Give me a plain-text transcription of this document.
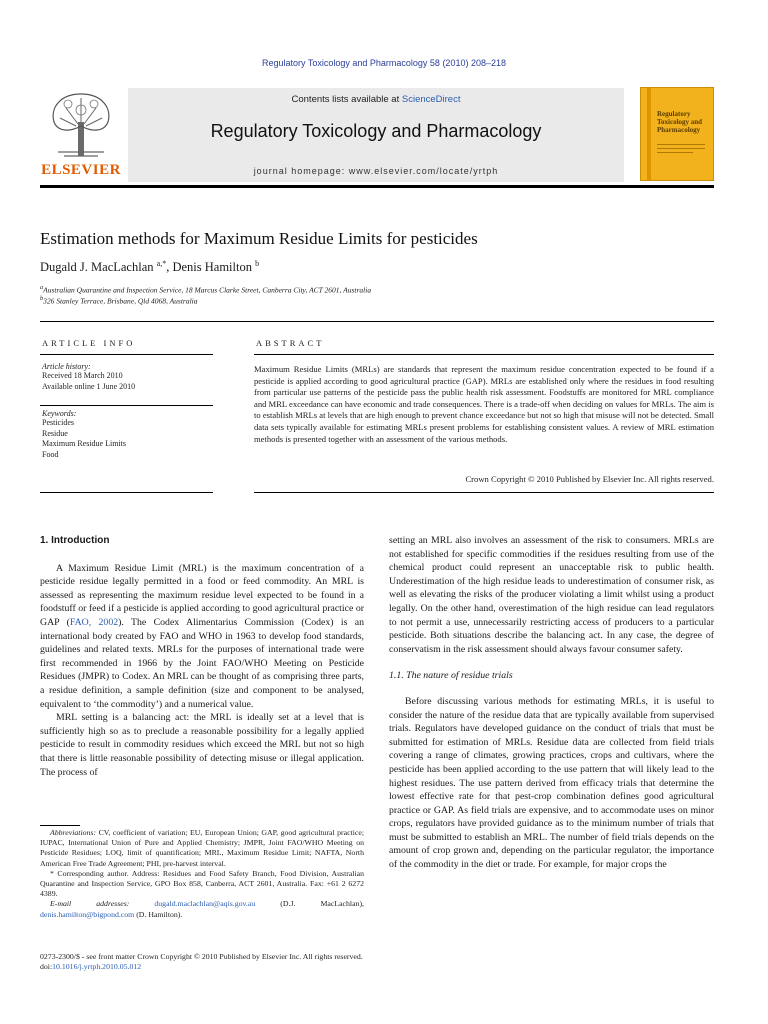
Regulatory Toxicology and Pharmacology 58 (2010) 208–218
ELSEVIER
Contents lists available at ScienceDirect
Regulatory Toxicology and Pharmacology
journal homepage: www.elsevier.com/locate/yrtph
Regulatory Toxicology and Pharmacology
Estimation methods for Maximum Residue Limits for pesticides
Dugald J. MacLachlan $^{a,*}$, Denis Hamilton $^b$
$^a$Australian Quarantine and Inspection Service, 18 Marcus Clarke Street, Canberra City, ACT 2601, Australia
$^b$326 Stanley Terrace, Brisbane, Qld 4068, Australia
ARTICLE INFO
Article history:
Received 18 March 2010
Available online 1 June 2010
Keywords:
Pesticides
Residue
Maximum Residue Limits
Food
ABSTRACT
Maximum Residue Limits (MRLs) are standards that represent the maximum residue concentration expected to be found if a pesticide is applied according to good agricultural practice (GAP). MRLs are established only where the residues in food resulting from particular use patterns of the pesticide pass the public health risk assessment. Foodstuffs are monitored for MRL compliance and MRL exceedance can have economic and trade consequences. There is a trade-off when deciding on values for MRLs. The aim is to establish MRLs at levels that are high enough to prevent chance exceedance but not so high that misuse will not be detected. Small data sets typically available for estimating MRLs present problems for establishing consistent values. A review of MRL estimation methods is presented together with an assessment of the various methods.
Crown Copyright © 2010 Published by Elsevier Inc. All rights reserved.
1. Introduction

A Maximum Residue Limit (MRL) is the maximum concentration of a pesticide residue legally permitted in a food or feed commodity. An MRL is assessed as representing the maximum residue level expected to be found in a foodstuff or feed if a pesticide is applied according to good agricultural practice or GAP (FAO, 2002). The Codex Alimentarius Commission (Codex) is an international body created by FAO and WHO in 1963 to develop food standards, guidelines and related texts. MRLs for the purposes of international trade were first recommended in 1966 by the Joint FAO/WHO Meeting on Pesticide Residues (JMPR) to Codex. An MRL can be thought of as comprising three parts, a residue definition, a sample definition (size and component to be analysed, equivalent to ‘the commodity’) and a numerical value.

MRL setting is a balancing act: the MRL is ideally set at a level that is sufficiently high so as to preclude a reasonable possibility for a legally applied pesticide to result in commodity residues which exceed the MRL but not so high that there is little reasonable possibility of detecting misuse or illegal application. The process of

Abbreviations: CV, coefficient of variation; EU, European Union; GAP, good agricultural practice; IUPAC, International Union of Pure and Applied Chemistry; JMPR, Joint FAO/WHO Meeting on Pesticide Residues; LOQ, limit of quantification; MRL, Maximum Residue Limit; NAFTA, North American Free Trade Agreement; PHI, pre-harvest interval.

* Corresponding author. Address: Residues and Food Safety Branch, Food Division, Australian Quarantine and Inspection Service, GPO Box 858, Canberra, ACT 2601, Australia. Fax: +61 2 6272 4389.

E-mail addresses:	dugald.maclachlan@aqis.gov.au (D.J. MacLachlan), denis.hamilton@bigpond.com (D. Hamilton).

setting an MRL also involves an assessment of the risk to consumers. MRLs are not established for specific commodities if the residues resulting from use of the chemical product could represent an unacceptable risk to public health. Underestimation of the high residue leads to underestimation of consumer risk, as well as elevating the risks of the producer violating a limit whilst using a product legally. On the other hand, overestimation of the high residue can lead regulators to not permit a use, unnecessarily restricting access of producers to a particular pesticide. Both situations describe the balancing act. In any case, the degree of conservatism in the risk assessment should always favour consumer safety.

1.1. The nature of residue trials

Before discussing various methods for estimating MRLs, it is useful to consider the nature of the residue data that are typically available from supervised trials. Regulators have developed guidance on the conduct of trials that must be submitted for estimation of MRLs. Residue data are collected from field trials covering a range of climates, growing practices, crops and cultivars, where the pesticide has been applied according to the use pattern that will likely lead to the highest residues. The use pattern derived from efficacy trials that determine the lowest effective rate for that pest-crop combination defines good agricultural practice or GAP. As field trials are expensive, and to accommodate uses on minor crops, regulators have provided guidance as to the minimum number of trials that must be submitted to establish an MRL. The number of field trials depends on the amount of crop grown and, depending on the particular regulator, the importance of the commodity in the diet or trade. For example, for major crops the

0273-2300/$ - see front matter Crown Copyright © 2010 Published by Elsevier Inc. All rights reserved.
doi:10.1016/j.yrtph.2010.05.012
